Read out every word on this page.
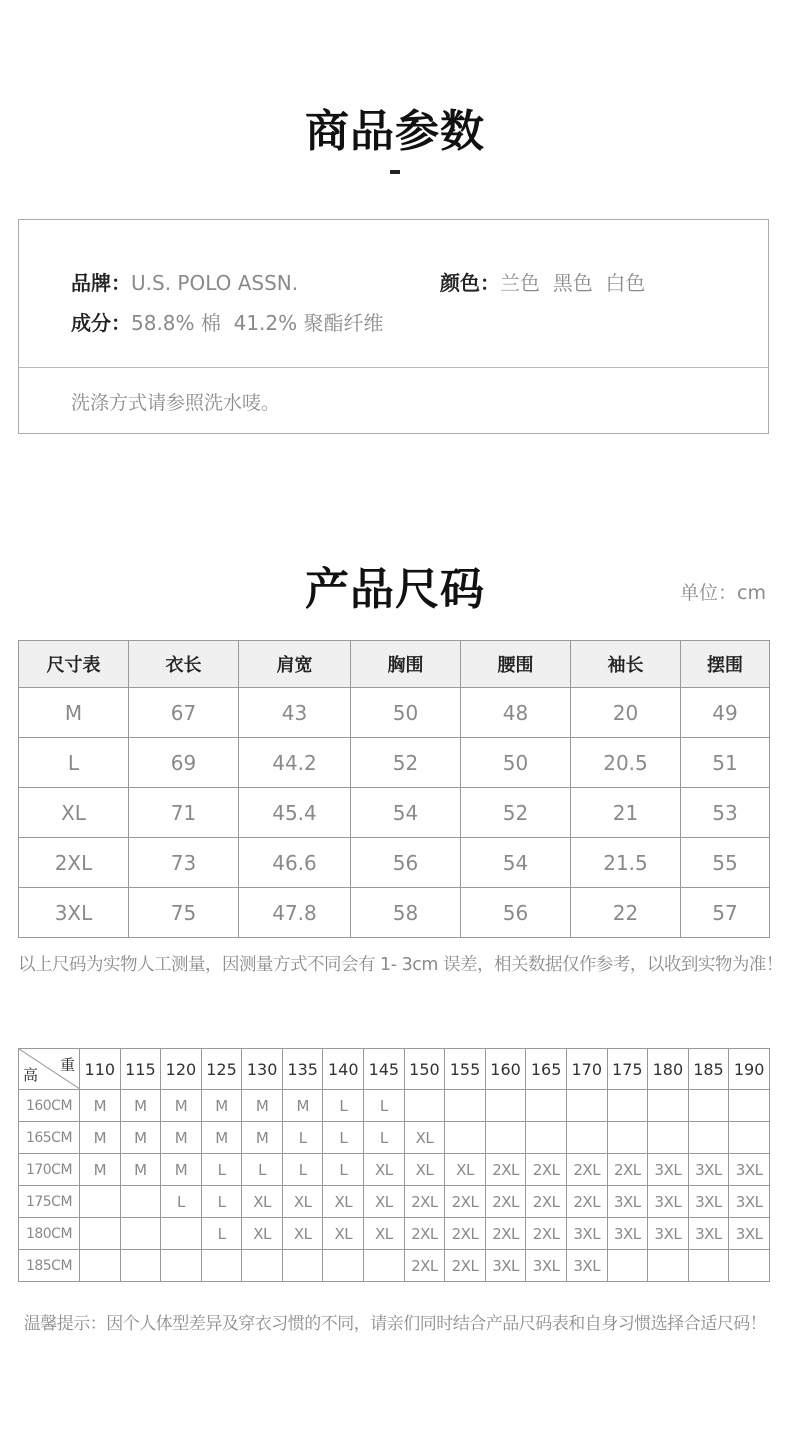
商品参数
品牌：U.S. POLO ASSN.	颜色：兰色  黑色  白色
成分：58.8% 棉  41.2% 聚酯纤维
洗涤方式请参照洗水唛。
产品尺码	单位：cm
尺寸表	衣长	肩宽	胸围	腰围	袖长	摆围
M	67	43	50	48	20	49
L	69	44.2	52	50	20.5	51
XL	71	45.4	54	52	21	53
2XL	73	46.6	56	54	21.5	55
3XL	75	47.8	58	56	22	57
以上尺码为实物人工测量，因测量方式不同会有 1- 3cm 误差，相关数据仅作参考，以收到实物为准！
重
高	110	115	120	125	130	135	140	145	150	155	160	165	170	175	180	185	190
160CM	M	M	M	M	M	M	L	L									
165CM	M	M	M	M	M	L	L	L	XL								
170CM	M	M	M	L	L	L	L	XL	XL	XL	2XL	2XL	2XL	2XL	3XL	3XL	3XL
175CM			L	L	XL	XL	XL	XL	2XL	2XL	2XL	2XL	2XL	3XL	3XL	3XL	3XL
180CM				L	XL	XL	XL	XL	2XL	2XL	2XL	2XL	3XL	3XL	3XL	3XL	3XL
185CM									2XL	2XL	3XL	3XL	3XL				
温馨提示：因个人体型差异及穿衣习惯的不同，请亲们同时结合产品尺码表和自身习惯选择合适尺码！
